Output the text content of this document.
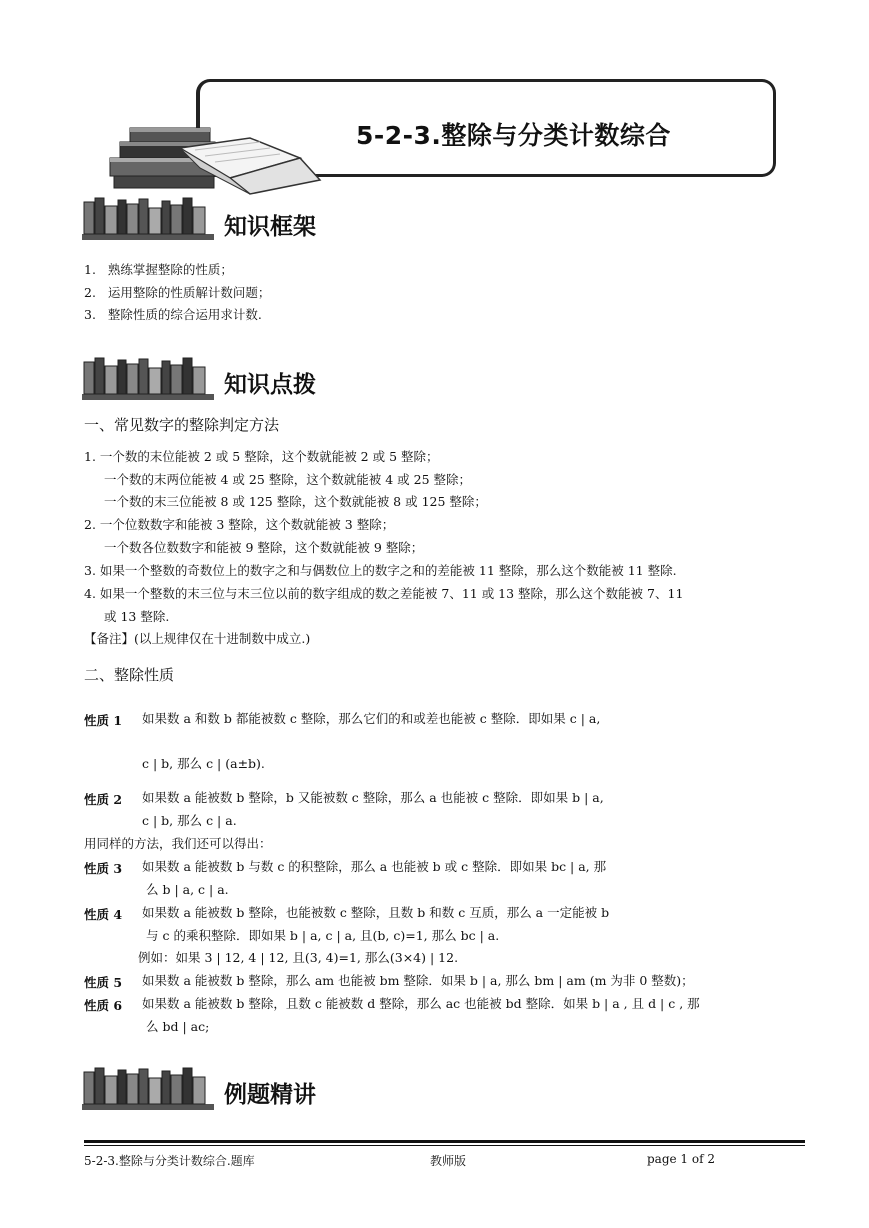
5-2-3.整除与分类计数综合
知识框架
1. 熟练掌握整除的性质；
2. 运用整除的性质解计数问题；
3. 整除性质的综合运用求计数.
知识点拨
一、常见数字的整除判定方法
1. 一个数的末位能被 2 或 5 整除，这个数就能被 2 或 5 整除；
一个数的末两位能被 4 或 25 整除，这个数就能被 4 或 25 整除；
一个数的末三位能被 8 或 125 整除，这个数就能被 8 或 125 整除；
2. 一个位数数字和能被 3 整除，这个数就能被 3 整除；
一个数各位数数字和能被 9 整除，这个数就能被 9 整除；
3. 如果一个整数的奇数位上的数字之和与偶数位上的数字之和的差能被 11 整除，那么这个数能被 11 整除.
4. 如果一个整数的末三位与末三位以前的数字组成的数之差能被 7、11 或 13 整除，那么这个数能被 7、11
或 13 整除.
【备注】(以上规律仅在十进制数中成立.)
二、整除性质
性质 1 如果数 a 和数 b 都能被数 c 整除，那么它们的和或差也能被 c 整除．即如果 c | a,
c | b, 那么 c | (a±b).
性质 2 如果数 a 能被数 b 整除，b 又能被数 c 整除，那么 a 也能被 c 整除．即如果 b | a,
c | b, 那么 c | a.
用同样的方法，我们还可以得出：
性质 3 如果数 a 能被数 b 与数 c 的积整除，那么 a 也能被 b 或 c 整除．即如果 bc | a, 那
么 b | a, c | a.
性质 4 如果数 a 能被数 b 整除，也能被数 c 整除，且数 b 和数 c 互质，那么 a 一定能被 b
与 c 的乘积整除．即如果 b | a, c | a, 且(b, c)=1, 那么 bc | a.
例如：如果 3 | 12, 4 | 12, 且(3, 4)=1, 那么(3×4) | 12.
性质 5 如果数 a 能被数 b 整除，那么 am 也能被 bm 整除．如果 b | a, 那么 bm | am (m 为非 0 整数)；
性质 6 如果数 a 能被数 b 整除，且数 c 能被数 d 整除，那么 ac 也能被 bd 整除．如果 b | a , 且 d | c , 那
么 bd | ac;
例题精讲
5-2-3.整除与分类计数综合.题库	教师版	page 1 of 2
